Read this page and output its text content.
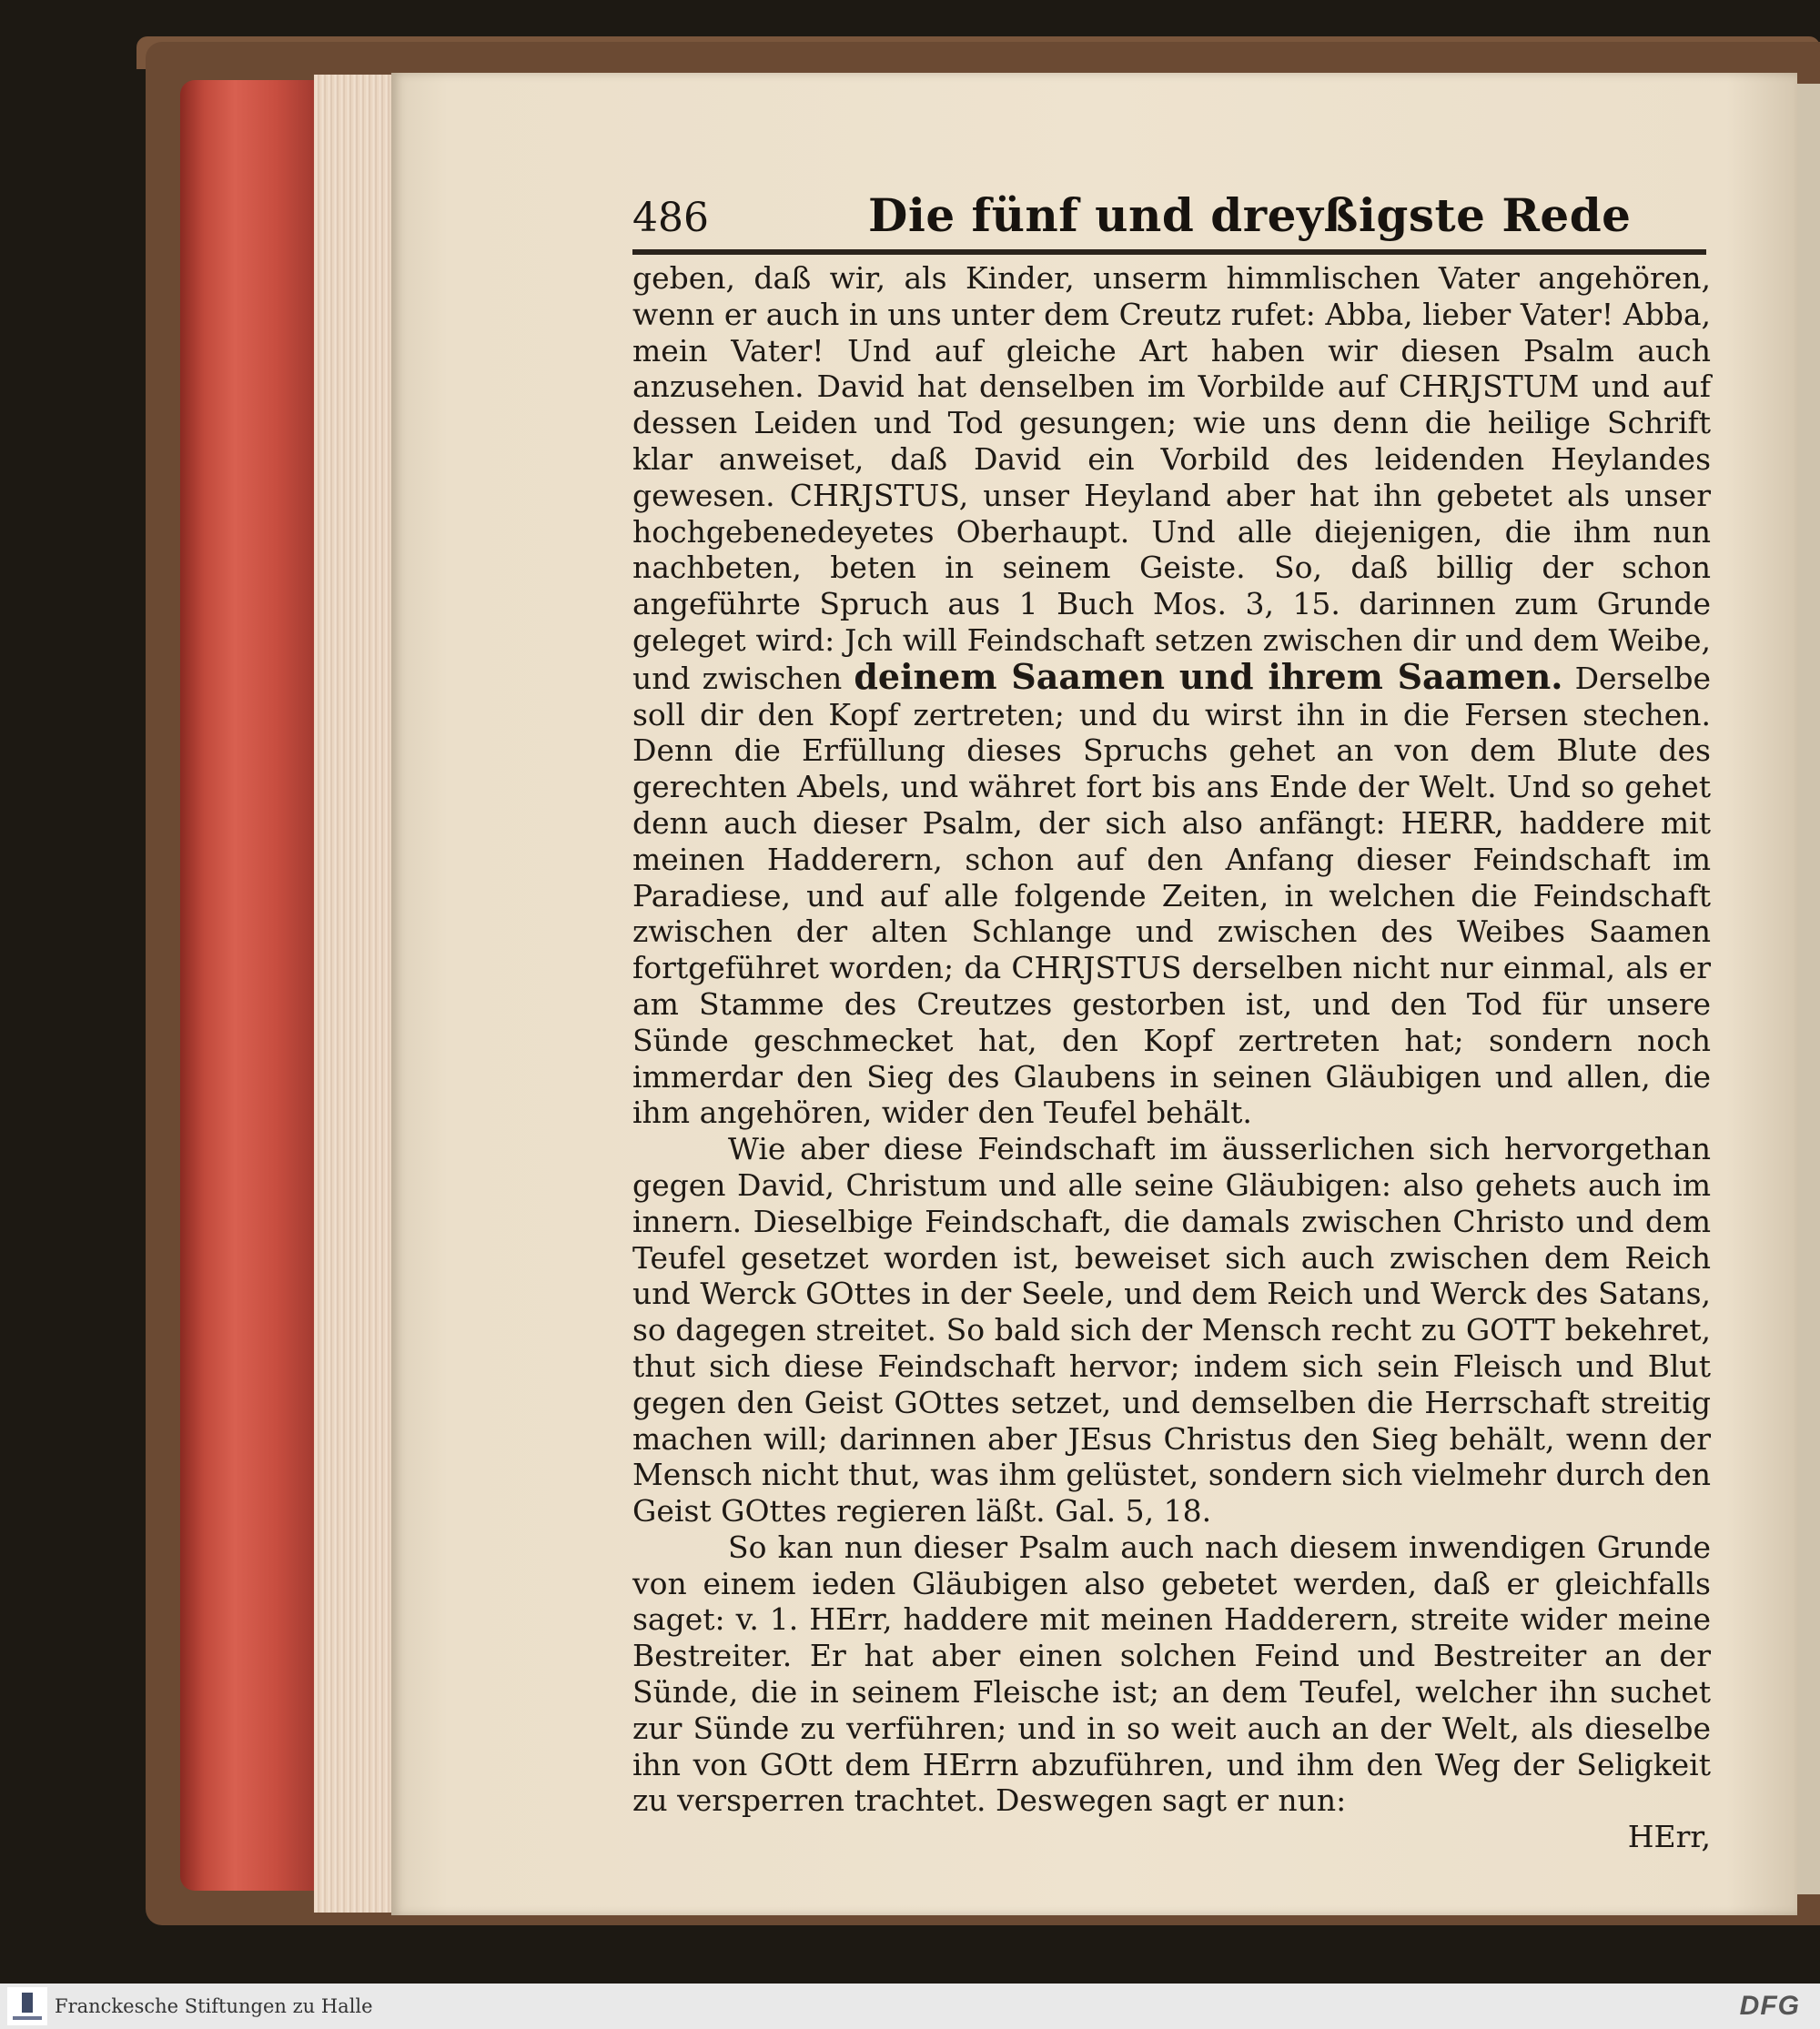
486	Die fünf und dreyßigste Rede

geben, daß wir, als Kinder, unserm himmlischen Vater angehören, wenn er auch in uns unter dem Creutz rufet: Abba, lieber Vater! Abba, mein Vater! Und auf gleiche Art haben wir diesen Psalm auch anzusehen. David hat denselben im Vorbilde auf CHRJSTUM und auf dessen Leiden und Tod gesungen; wie uns denn die heilige Schrift klar anweiset, daß David ein Vorbild des leidenden Heylandes gewesen. CHRJSTUS, unser Heyland aber hat ihn gebetet als unser hochgebenedeyetes Oberhaupt. Und alle diejenigen, die ihm nun nachbeten, beten in seinem Geiste. So, daß billig der schon angeführte Spruch aus 1 Buch Mos. 3, 15. darinnen zum Grunde geleget wird: Jch will Feindschaft setzen zwischen dir und dem Weibe, und zwischen deinem Saamen und ihrem Saamen. Derselbe soll dir den Kopf zertreten; und du wirst ihn in die Fersen stechen. Denn die Erfüllung dieses Spruchs gehet an von dem Blute des gerechten Abels, und währet fort bis ans Ende der Welt. Und so gehet denn auch dieser Psalm, der sich also anfängt: HERR, haddere mit meinen Hadderern, schon auf den Anfang dieser Feindschaft im Paradiese, und auf alle folgende Zeiten, in welchen die Feindschaft zwischen der alten Schlange und zwischen des Weibes Saamen fortgeführet worden; da CHRJSTUS derselben nicht nur einmal, als er am Stamme des Creutzes gestorben ist, und den Tod für unsere Sünde geschmecket hat, den Kopf zertreten hat; sondern noch immerdar den Sieg des Glaubens in seinen Gläubigen und allen, die ihm angehören, wider den Teufel behält.

Wie aber diese Feindschaft im äusserlichen sich hervorgethan gegen David, Christum und alle seine Gläubigen: also gehets auch im innern. Dieselbige Feindschaft, die damals zwischen Christo und dem Teufel gesetzet worden ist, beweiset sich auch zwischen dem Reich und Werck GOttes in der Seele, und dem Reich und Werck des Satans, so dagegen streitet. So bald sich der Mensch recht zu GOTT bekehret, thut sich diese Feindschaft hervor; indem sich sein Fleisch und Blut gegen den Geist GOttes setzet, und demselben die Herrschaft streitig machen will; darinnen aber JEsus Christus den Sieg behält, wenn der Mensch nicht thut, was ihm gelüstet, sondern sich vielmehr durch den Geist GOttes regieren läßt. Gal. 5, 18.

So kan nun dieser Psalm auch nach diesem inwendigen Grunde von einem ieden Gläubigen also gebetet werden, daß er gleichfalls saget: v. 1. HErr, haddere mit meinen Hadderern, streite wider meine Bestreiter. Er hat aber einen solchen Feind und Bestreiter an der Sünde, die in seinem Fleische ist; an dem Teufel, welcher ihn suchet zur Sünde zu verführen; und in so weit auch an der Welt, als dieselbe ihn von GOtt dem HErrn abzuführen, und ihm den Weg der Seligkeit zu versperren trachtet. Deswegen sagt er nun:

HErr,
Franckesche Stiftungen zu Halle	DFG
